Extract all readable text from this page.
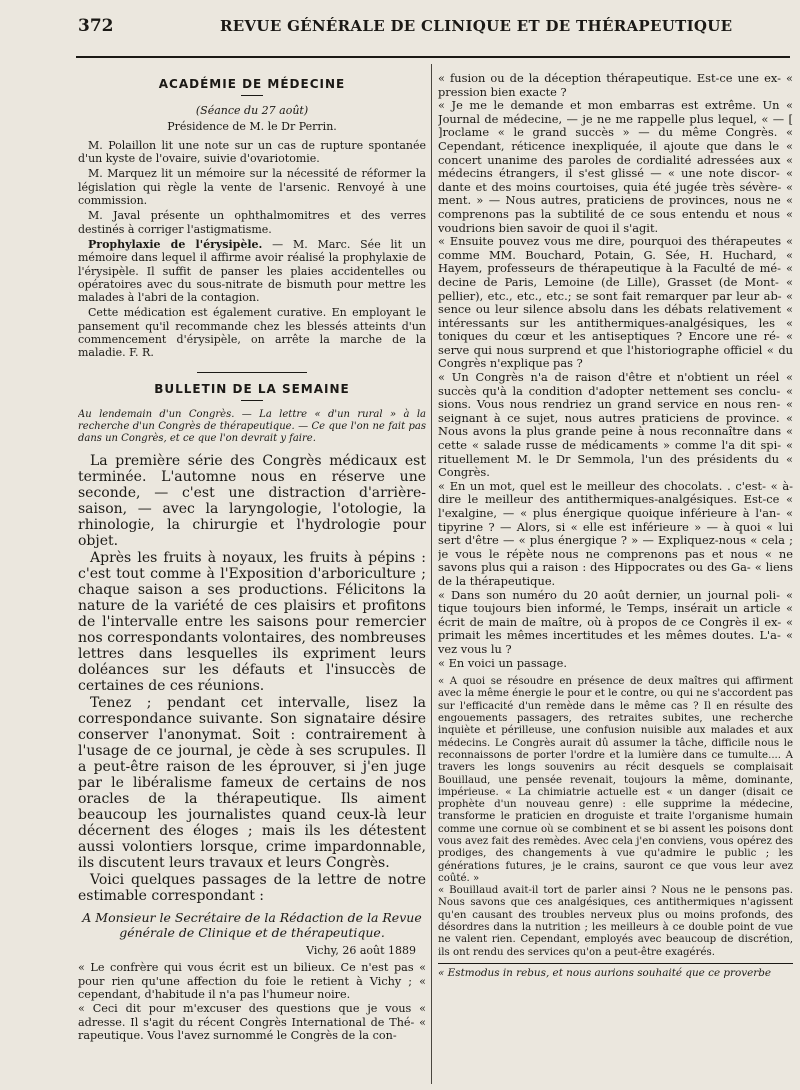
372	REVUE GÉNÉRALE DE CLINIQUE ET DE THÉRAPEUTIQUE
ACADÉMIE DE MÉDECINE
(Séance du 27 août)
Présidence de M. le Dr Perrin.

M. Polaillon lit une note sur un cas de rupture spontanée d'un kyste de l'ovaire, suivie d'ovariotomie.

M. Marquez lit un mémoire sur la nécessité de réformer la législation qui règle la vente de l'arsenic. Renvoyé à une commission.

M. Javal présente un ophthalmomitres et des verres destinés à corriger l'astigmatisme.

Prophylaxie de l'érysipèle. — M. Marc. Sée lit un mémoire dans lequel il affirme avoir réalisé la prophylaxie de l'érysipèle. Il suffit de panser les plaies accidentelles ou opératoires avec du sous-nitrate de bismuth pour mettre les malades à l'abri de la contagion.

Cette médication est également curative. En employant le pansement qu'il recommande chez les blessés atteints d'un commencement d'érysipèle, on arrête la marche de la maladie. F. R.

BULLETIN DE LA SEMAINE

Au lendemain d'un Congrès. — La lettre « d'un rural » à la recherche d'un Congrès de thérapeutique. — Ce que l'on ne fait pas dans un Congrès, et ce que l'on devrait y faire.

La première série des Congrès médicaux est terminée. L'automne nous en réserve une seconde, — c'est une distraction d'arrière-saison, — avec la laryngologie, l'otologie, la rhinologie, la chirurgie et l'hydrologie pour objet.

Après les fruits à noyaux, les fruits à pépins : c'est tout comme à l'Exposition d'arboriculture ; chaque saison a ses productions. Félicitons la nature de la variété de ces plaisirs et profitons de l'intervalle entre les saisons pour remercier nos correspondants volontaires, des nombreuses lettres dans lesquelles ils expriment leurs doléances sur les défauts et l'insuccès de certaines de ces réunions.

Tenez ; pendant cet intervalle, lisez la correspondance suivante. Son signataire désire conserver l'anonymat. Soit : contrairement à l'usage de ce journal, je cède à ses scrupules. Il a peut-être raison de les éprouver, si j'en juge par le libéralisme fameux de certains de nos oracles de la thérapeutique. Ils aiment beaucoup les journalistes quand ceux-là leur décernent des éloges ; mais ils les détestent aussi volontiers lorsque, crime impardonnable, ils discutent leurs travaux et leurs Congrès.

Voici quelques passages de la lettre de notre estimable correspondant :

A Monsieur le Secrétaire de la Rédaction de la Revue générale de Clinique et de thérapeutique.
Vichy, 26 août 1889

« Le confrère qui vous écrit est un bilieux. Ce n'est pas « pour rien qu'une affection du foie le retient à Vichy ; « cependant, d'habitude il n'a pas l'humeur noire.

« Ceci dit pour m'excuser des questions que je vous « adresse. Il s'agit du récent Congrès International de Thé- « rapeutique. Vous l'avez surnommé le Congrès de la con-

« fusion ou de la déception thérapeutique. Est-ce une ex- « pression bien exacte ?

« Je me le demande et mon embarras est extrême. Un « Journal de médecine, — je ne me rappelle plus lequel, « — [ ]roclame « le grand succès » — du même Congrès. « Cependant, réticence inexpliquée, il ajoute que dans le « concert unanime des paroles de cordialité adressées aux « médecins étrangers, il s'est glissé — « une note discor- « dante et des moins courtoises, quia été jugée très sévère- « ment. » — Nous autres, praticiens de provinces, nous ne « comprenons pas la subtilité de ce sous entendu et nous « voudrions bien savoir de quoi il s'agit.

« Ensuite pouvez vous me dire, pourquoi des thérapeutes « comme MM. Bouchard, Potain, G. Sée, H. Huchard, « Hayem, professeurs de thérapeutique à la Faculté de mé- « decine de Paris, Lemoine (de Lille), Grasset (de Mont- « pellier), etc., etc., etc.; se sont fait remarquer par leur ab- « sence ou leur silence absolu dans les débats relativement « intéressants sur les antithermiques-analgésiques, les « toniques du cœur et les antiseptiques ? Encore une ré- « serve qui nous surprend et que l'historiographe officiel « du Congrès n'explique pas ?

« Un Congrès n'a de raison d'être et n'obtient un réel « succès qu'à la condition d'adopter nettement ses conclu- « sions. Vous nous rendriez un grand service en nous ren- « seignant à ce sujet, nous autres praticiens de province. « Nous avons la plus grande peine à nous reconnaître dans « cette « salade russe de médicaments » comme l'a dit spi- « rituellement M. le Dr Semmola, l'un des présidents du « Congrès.

« En un mot, quel est le meilleur des chocolats. . c'est- « à-dire le meilleur des antithermiques-analgésiques. Est-ce « l'exalgine, — « plus énergique quoique inférieure à l'an- « tipyrine ? — Alors, si « elle est inférieure » — à quoi « lui sert d'être — « plus énergique ? » — Expliquez-nous « cela ; je vous le répète nous ne comprenons pas et nous « ne savons plus qui a raison : des Hippocrates ou des Ga- « liens de la thérapeutique.

« Dans son numéro du 20 août dernier, un journal poli- « tique toujours bien informé, le Temps, insérait un article « écrit de main de maître, où à propos de ce Congrès il ex- « primait les mêmes incertitudes et les mêmes doutes. L'a- « vez vous lu ?

« En voici un passage.

« A quoi se résoudre en présence de deux maîtres qui affirment avec la même énergie le pour et le contre, ou qui ne s'accordent pas sur l'efficacité d'un remède dans le même cas ? Il en résulte des engouements passagers, des retraites subites, une recherche inquiète et périlleuse, une confusion nuisible aux malades et aux médecins. Le Congrès aurait dû assumer la tâche, difficile nous le reconnaissons de porter l'ordre et la lumière dans ce tumulte.... A travers les longs souvenirs au récit desquels se complaisait Bouillaud, une pensée revenait, toujours la même, dominante, impérieuse. « La chimiatrie actuelle est « un danger (disait ce prophète d'un nouveau genre) : elle supprime la médecine, transforme le praticien en droguiste et traite l'organisme humain comme une cornue où se combinent et se bi assent les poisons dont vous avez fait des remèdes. Avec cela j'en conviens, vous opérez des prodiges, des changements à vue qu'admire le public ; les générations futures, je le crains, sauront ce que vous leur avez coûté. »

« Bouillaud avait-il tort de parler ainsi ? Nous ne le pensons pas. Nous savons que ces analgésiques, ces antithermiques n'agissent qu'en causant des troubles nerveux plus ou moins profonds, des désordres dans la nutrition ; les meilleurs à ce double point de vue ne valent rien. Cependant, employés avec beaucoup de discrétion, ils ont rendu des services qu'on a peut-être exagérés.

« Estmodus in rebus, et nous aurions souhaité que ce proverbe
